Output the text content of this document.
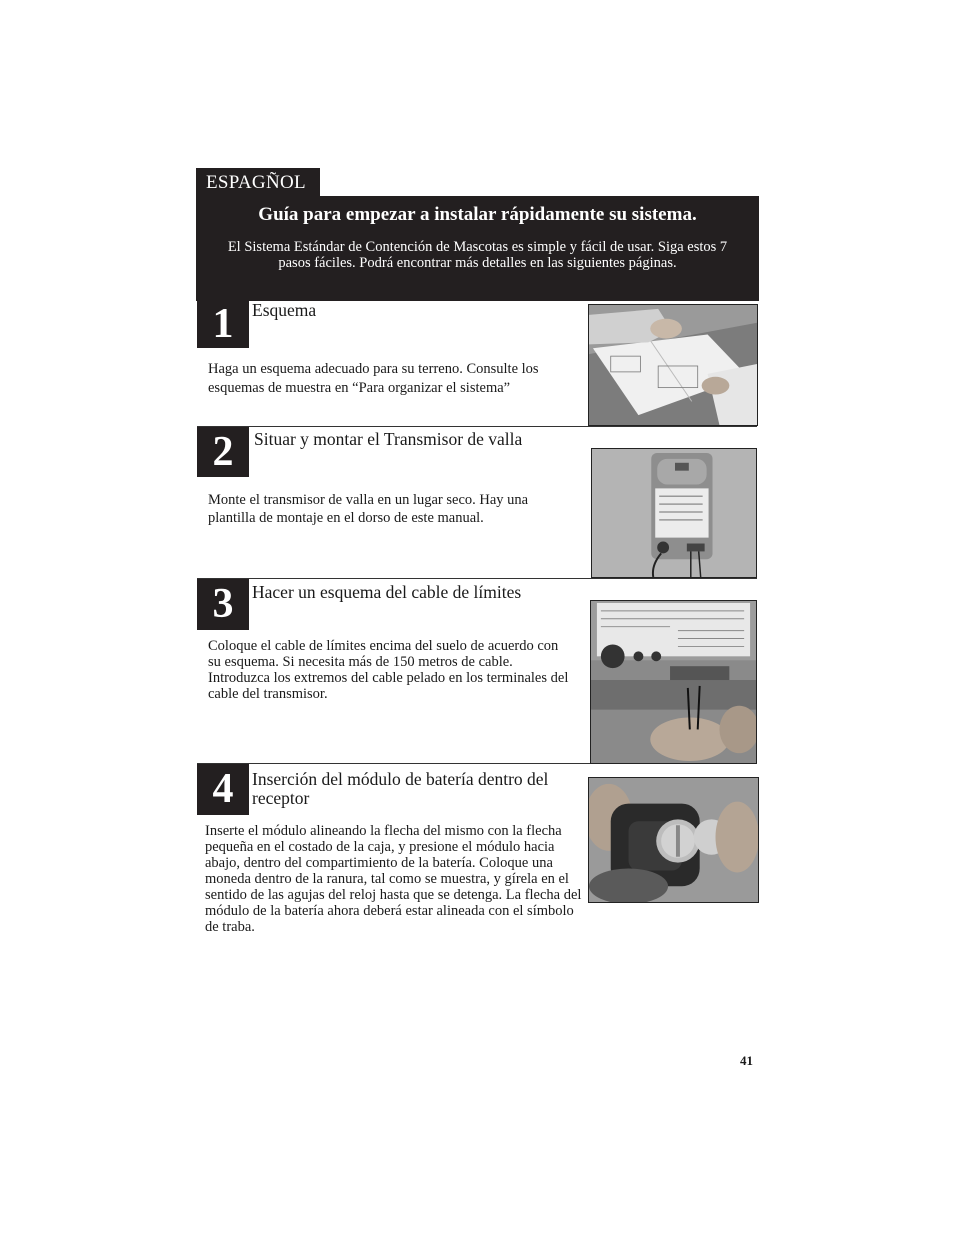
ESPAGÑOL
Guía para empezar a instalar rápidamente su sistema.
El Sistema Estándar de Contención de Mascotas es simple y fácil de usar. Siga estos 7 pasos fáciles. Podrá encontrar más detalles en las siguientes páginas.
1	Esquema
Haga un esquema adecuado para su terreno. Consulte los esquemas de muestra en “Para organizar el sistema”
2	Situar y montar el Transmisor de valla
Monte el transmisor de valla en un lugar seco. Hay una plantilla de montaje en el dorso de este manual.
3	Hacer un esquema del cable de límites
Coloque el cable de límites encima del suelo de acuerdo con su esquema. Si necesita más de 150 metros de cable. Introduzca los extremos del cable pelado en los terminales del cable del transmisor.
4	Inserción del módulo de batería dentro del receptor
Inserte el módulo alineando la flecha del mismo con la flecha pequeña en el costado de la caja, y presione el módulo hacia abajo, dentro del compartimiento de la batería. Coloque una moneda dentro de la ranura, tal como se muestra, y gírela en el sentido de las agujas del reloj hasta que se detenga. La flecha del módulo de la batería ahora deberá estar alineada con el símbolo de traba.
41
